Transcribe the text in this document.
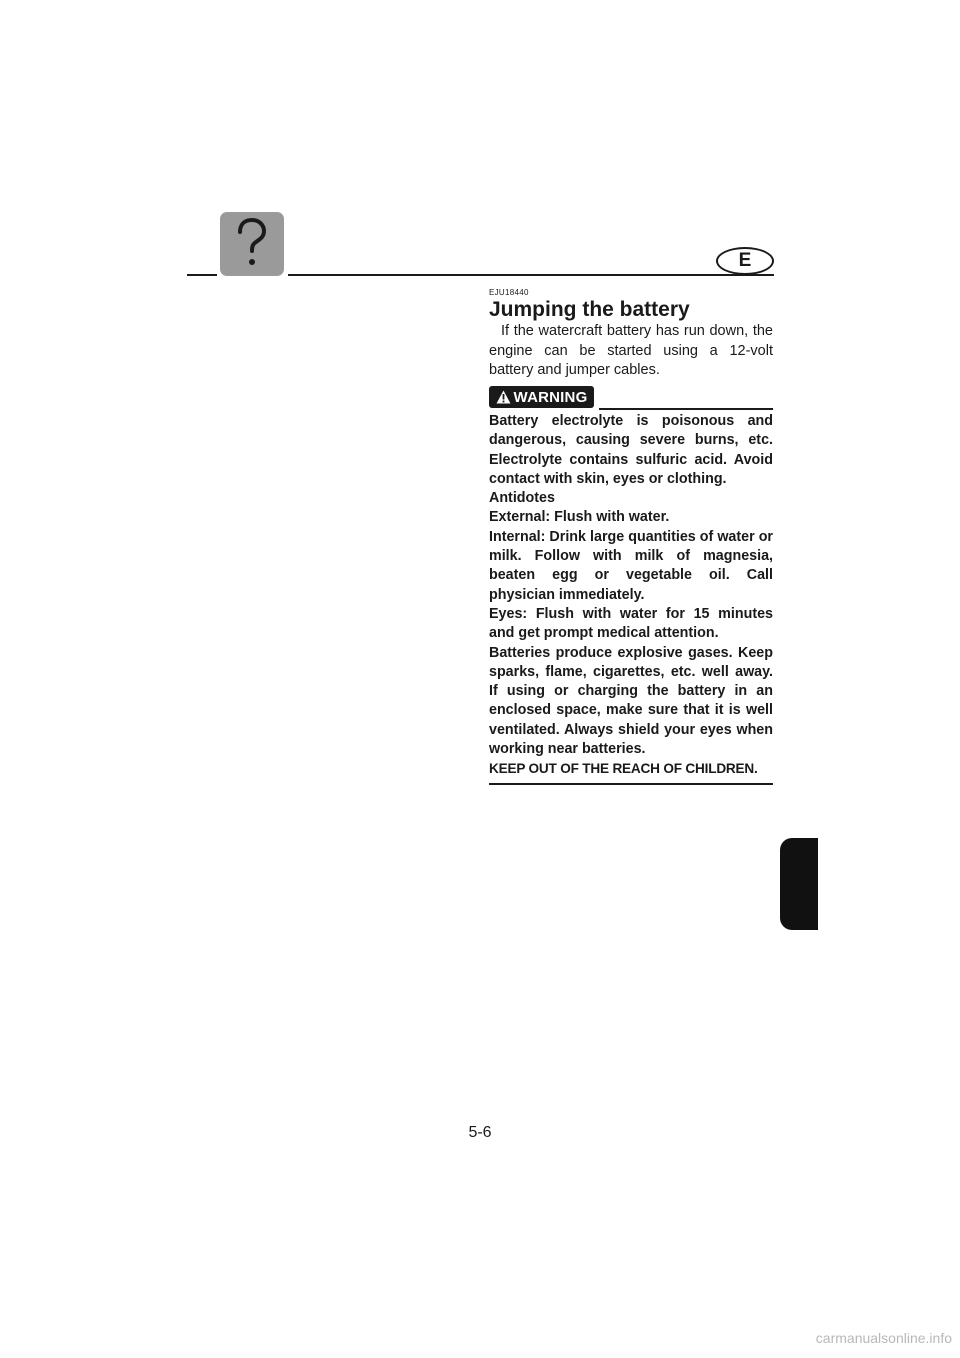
E
EJU18440
Jumping the battery

If the watercraft battery has run down, the engine can be started using a 12-volt battery and jumper cables.

WARNING

Battery electrolyte is poisonous and dangerous, causing severe burns, etc. Electrolyte contains sulfuric acid. Avoid contact with skin, eyes or clothing.

Antidotes

External: Flush with water.

Internal: Drink large quantities of water or milk. Follow with milk of magnesia, beaten egg or vegetable oil. Call physician immediately.

Eyes: Flush with water for 15 minutes and get prompt medical attention.

Batteries produce explosive gases. Keep sparks, flame, cigarettes, etc. well away. If using or charging the battery in an enclosed space, make sure that it is well ventilated. Always shield your eyes when working near batteries.

KEEP OUT OF THE REACH OF CHILDREN.

5-6
carmanualsonline.info
